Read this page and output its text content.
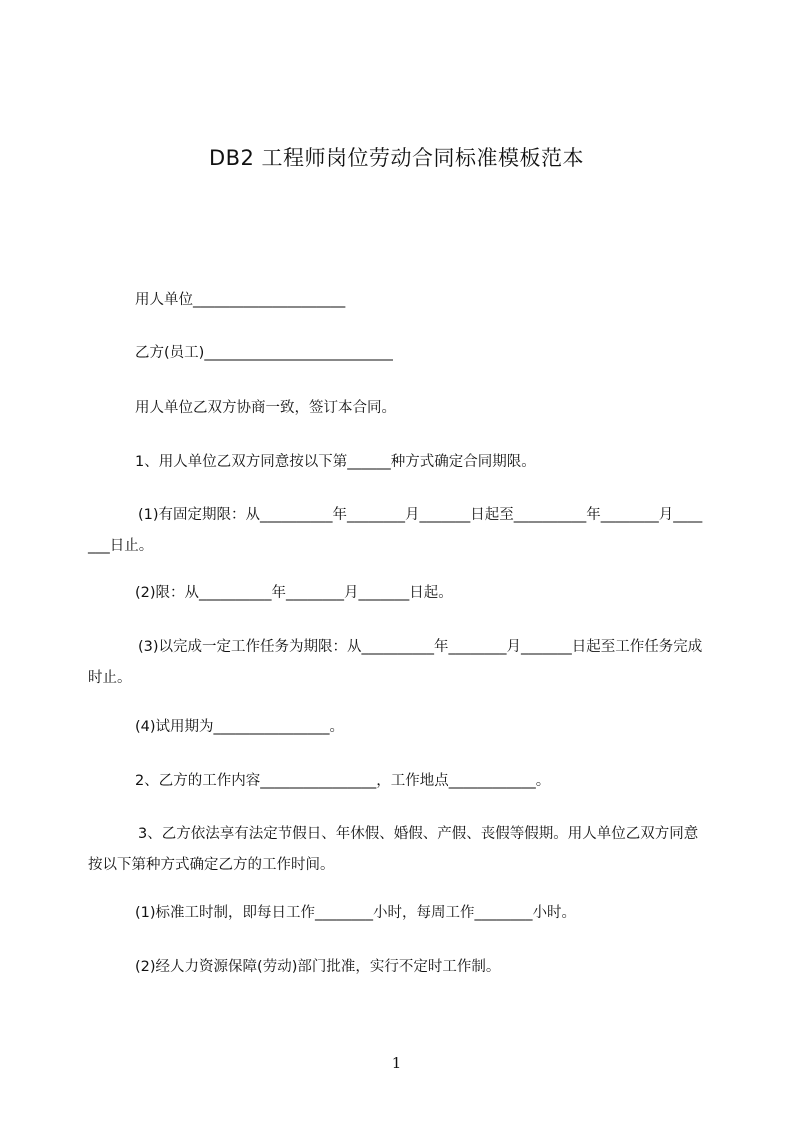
DB2 工程师岗位劳动合同标准模板范本
用人单位_____________________
乙方(员工)__________________________
用人单位乙双方协商一致，签订本合同。
1、用人单位乙双方同意按以下第______种方式确定合同期限。
(1)有固定期限：从__________年________月_______日起至__________年________月_______日止。
(2)限：从__________年________月_______日起。
(3)以完成一定工作任务为期限：从__________年________月_______日起至工作任务完成时止。
(4)试用期为________________。
2、乙方的工作内容________________，工作地点____________。
3、乙方依法享有法定节假日、年休假、婚假、产假、丧假等假期。用人单位乙双方同意按以下第种方式确定乙方的工作时间。
(1)标准工时制，即每日工作________小时，每周工作________小时。
(2)经人力资源保障(劳动)部门批准，实行不定时工作制。
1
